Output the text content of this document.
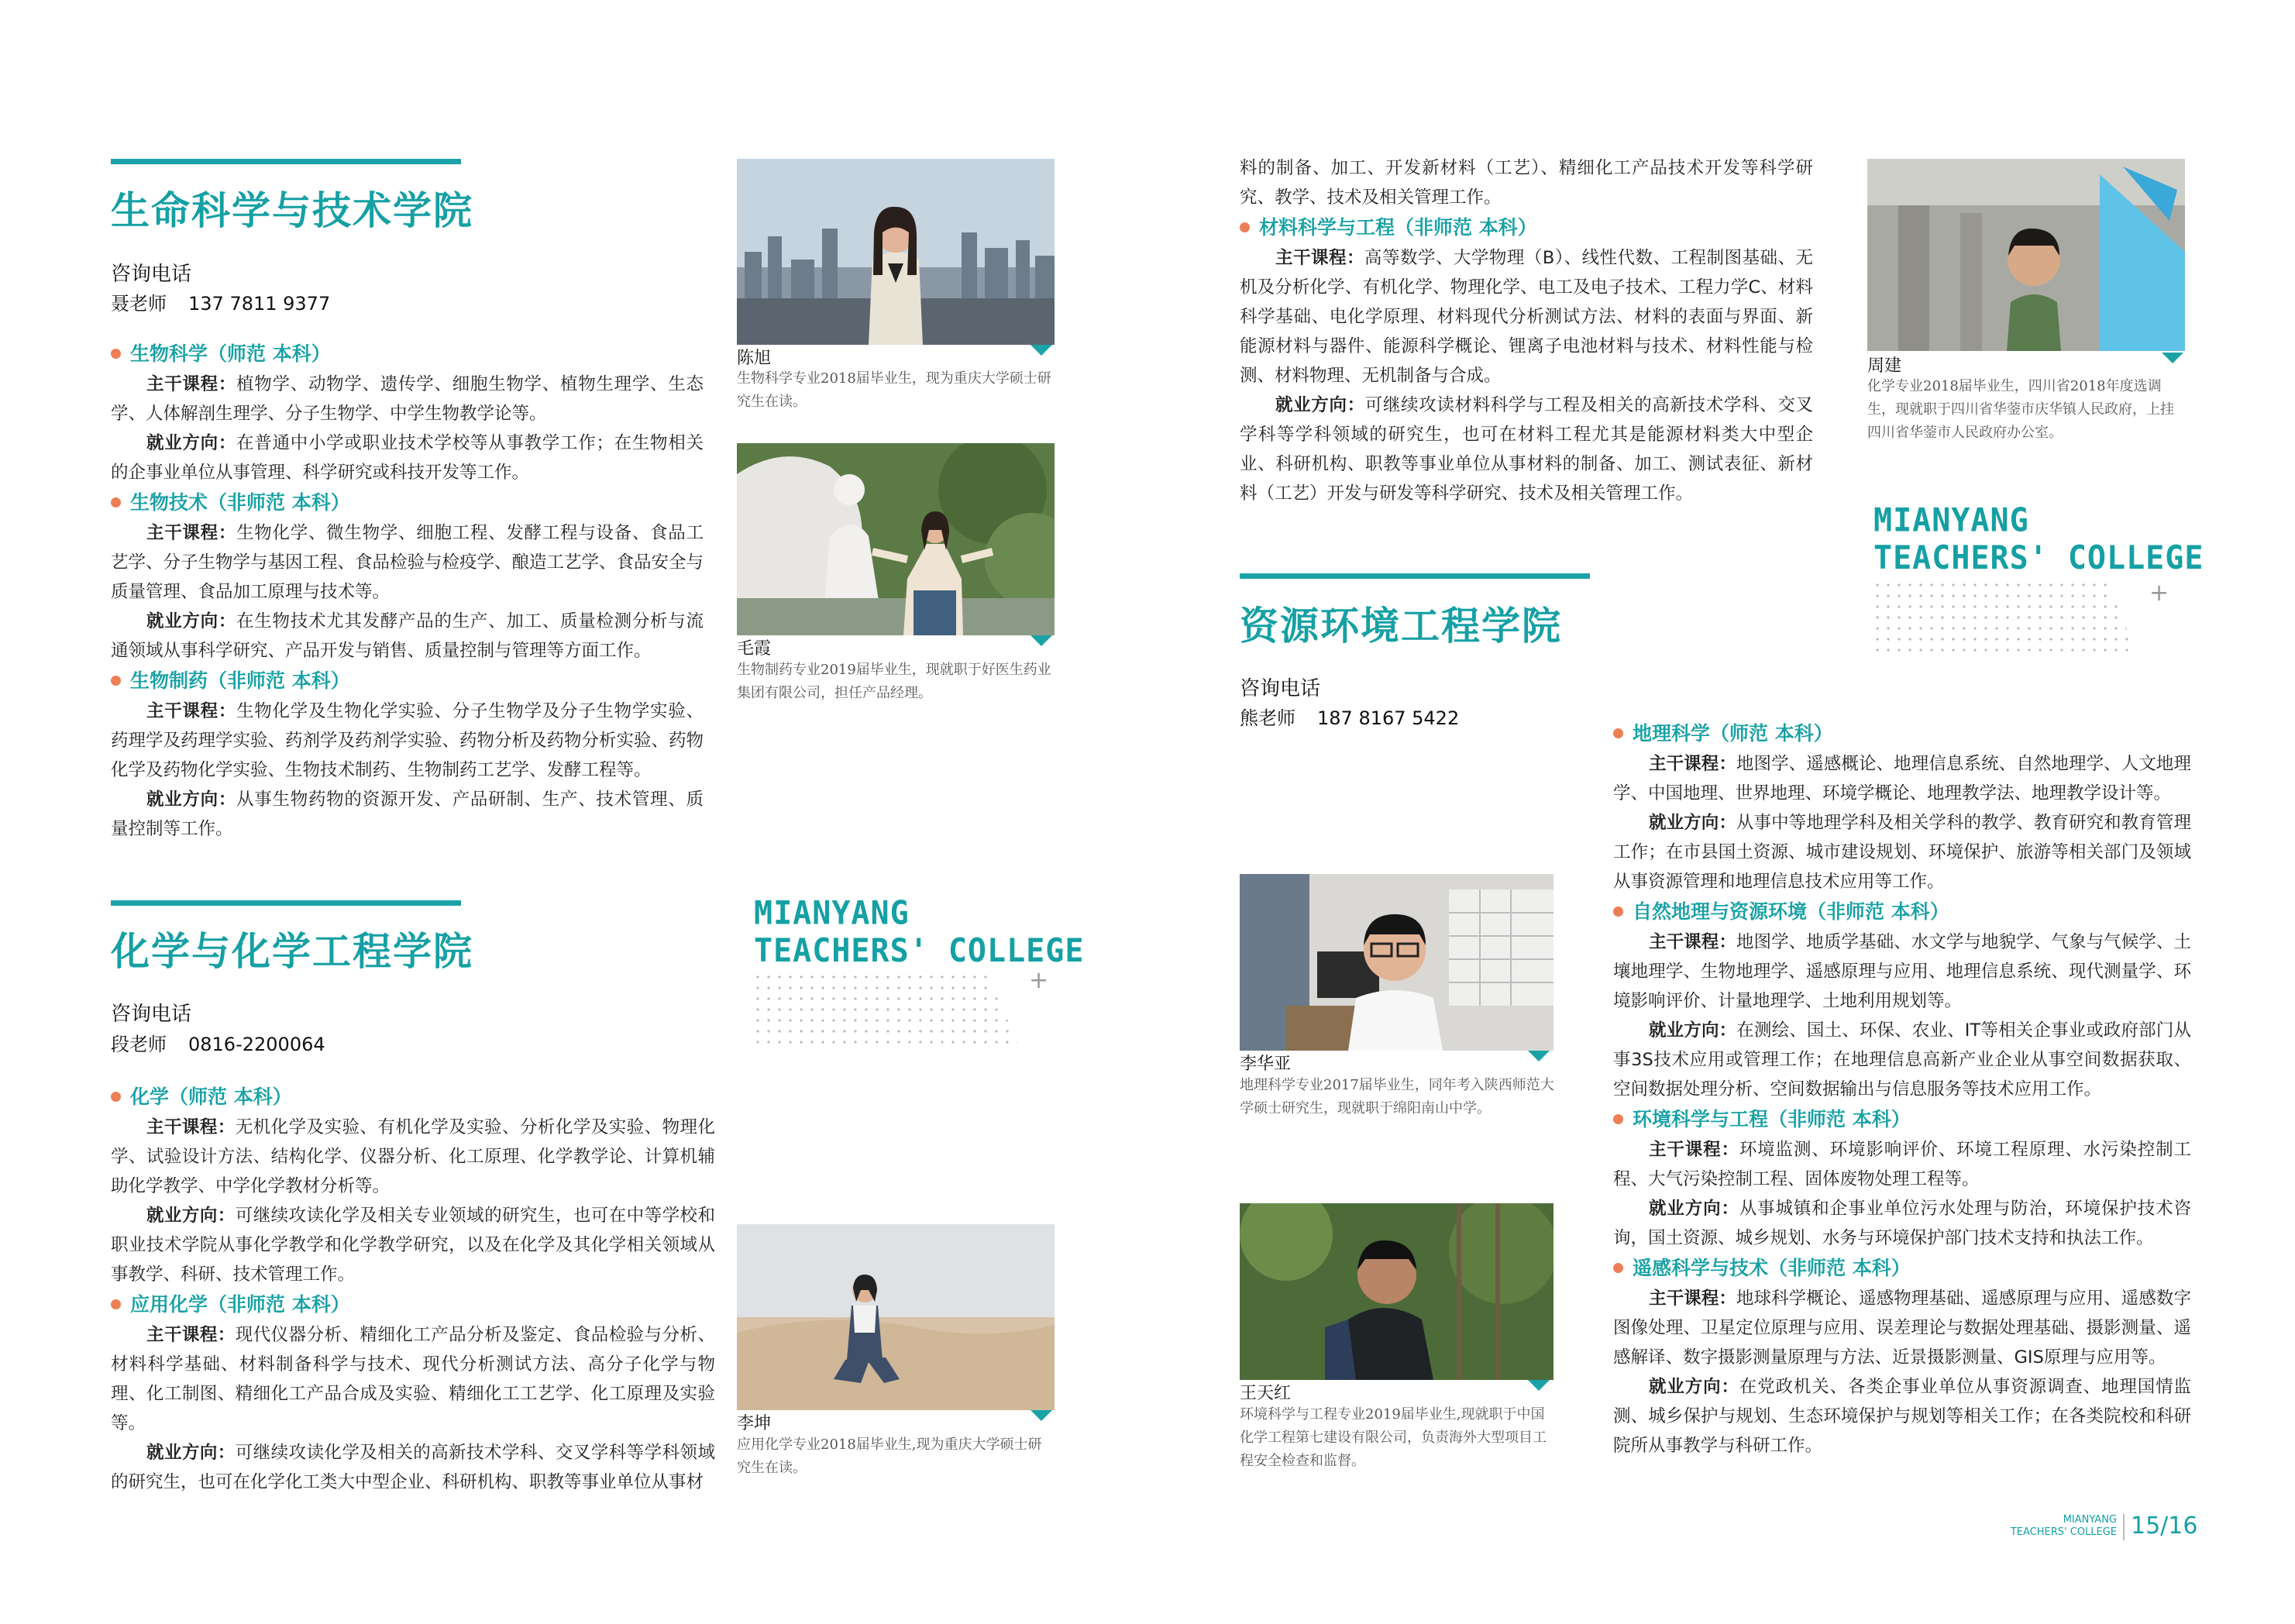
生命科学与技术学院
咨询电话
聂老师 137 7811 9377

生物科学（师范 本科）

主干课程：植物学、动物学、遗传学、细胞生物学、植物生理学、生态学、人体解剖生理学、分子生物学、中学生物教学论等。

就业方向：在普通中小学或职业技术学校等从事教学工作；在生物相关的企事业单位从事管理、科学研究或科技开发等工作。

生物技术（非师范 本科）

主干课程：生物化学、微生物学、细胞工程、发酵工程与设备、食品工艺学、分子生物学与基因工程、食品检验与检疫学、酿造工艺学、食品安全与质量管理、食品加工原理与技术等。

就业方向：在生物技术尤其发酵产品的生产、加工、质量检测分析与流通领域从事科学研究、产品开发与销售、质量控制与管理等方面工作。

生物制药（非师范 本科）

主干课程：生物化学及生物化学实验、分子生物学及分子生物学实验、药理学及药理学实验、药剂学及药剂学实验、药物分析及药物分析实验、药物化学及药物化学实验、生物技术制药、生物制药工艺学、发酵工程等。

就业方向：从事生物药物的资源开发、产品研制、生产、技术管理、质量控制等工作。

化学与化学工程学院
咨询电话
段老师 0816-2200064

化学（师范 本科）

主干课程：无机化学及实验、有机化学及实验、分析化学及实验、物理化学、试验设计方法、结构化学、仪器分析、化工原理、化学教学论、计算机辅助化学教学、中学化学教材分析等。

就业方向：可继续攻读化学及相关专业领域的研究生，也可在中等学校和职业技术学院从事化学教学和化学教学研究，以及在化学及其化学相关领域从事教学、科研、技术管理工作。

应用化学（非师范 本科）

主干课程：现代仪器分析、精细化工产品分析及鉴定、食品检验与分析、材料科学基础、材料制备科学与技术、现代分析测试方法、高分子化学与物理、化工制图、精细化工产品合成及实验、精细化工工艺学、化工原理及实验等。

就业方向：可继续攻读化学及相关的高新技术学科、交叉学科等学科领域的研究生，也可在化学化工类大中型企业、科研机构、职教等事业单位从事材

陈旭
生物科学专业2018届毕业生，现为重庆大学硕士研究生在读。
毛霞
生物制药专业2019届毕业生，现就职于好医生药业集团有限公司，担任产品经理。
MIANYANG
TEACHERS' COLLEGE
+
李坤
应用化学专业2018届毕业生,现为重庆大学硕士研究生在读。

料的制备、加工、开发新材料（工艺）、精细化工产品技术开发等科学研究、教学、技术及相关管理工作。

材料科学与工程（非师范 本科）

主干课程：高等数学、大学物理（B）、线性代数、工程制图基础、无机及分析化学、有机化学、物理化学、电工及电子技术、工程力学C、材料科学基础、电化学原理、材料现代分析测试方法、材料的表面与界面、新能源材料与器件、能源科学概论、锂离子电池材料与技术、材料性能与检测、材料物理、无机制备与合成。

就业方向：可继续攻读材料科学与工程及相关的高新技术学科、交叉学科等学科领域的研究生，也可在材料工程尤其是能源材料类大中型企业、科研机构、职教等事业单位从事材料的制备、加工、测试表征、新材料（工艺）开发与研发等科学研究、技术及相关管理工作。

周建
化学专业2018届毕业生，四川省2018年度选调生，现就职于四川省华蓥市庆华镇人民政府，上挂四川省华蓥市人民政府办公室。
MIANYANG
TEACHERS' COLLEGE
+
资源环境工程学院
咨询电话
熊老师 187 8167 5422
李华亚
地理科学专业2017届毕业生，同年考入陕西师范大学硕士研究生，现就职于绵阳南山中学。
王天红
环境科学与工程专业2019届毕业生,现就职于中国化学工程第七建设有限公司，负责海外大型项目工程安全检查和监督。

地理科学（师范 本科）

主干课程：地图学、遥感概论、地理信息系统、自然地理学、人文地理学、中国地理、世界地理、环境学概论、地理教学法、地理教学设计等。

就业方向：从事中等地理学科及相关学科的教学、教育研究和教育管理工作；在市县国土资源、城市建设规划、环境保护、旅游等相关部门及领域从事资源管理和地理信息技术应用等工作。

自然地理与资源环境（非师范 本科）

主干课程：地图学、地质学基础、水文学与地貌学、气象与气候学、土壤地理学、生物地理学、遥感原理与应用、地理信息系统、现代测量学、环境影响评价、计量地理学、土地利用规划等。

就业方向：在测绘、国土、环保、农业、IT等相关企事业或政府部门从事3S技术应用或管理工作；在地理信息高新产业企业从事空间数据获取、空间数据处理分析、空间数据输出与信息服务等技术应用工作。

环境科学与工程（非师范 本科）

主干课程：环境监测、环境影响评价、环境工程原理、水污染控制工程、大气污染控制工程、固体废物处理工程等。

就业方向：从事城镇和企事业单位污水处理与防治，环境保护技术咨询，国土资源、城乡规划、水务与环境保护部门技术支持和执法工作。

遥感科学与技术（非师范 本科）

主干课程：地球科学概论、遥感物理基础、遥感原理与应用、遥感数字图像处理、卫星定位原理与应用、误差理论与数据处理基础、摄影测量、遥感解译、数字摄影测量原理与方法、近景摄影测量、GIS原理与应用等。

就业方向：在党政机关、各类企事业单位从事资源调查、地理国情监测、城乡保护与规划、生态环境保护与规划等相关工作；在各类院校和科研院所从事教学与科研工作。

MIANYANG
TEACHERS' COLLEGE 15/16
